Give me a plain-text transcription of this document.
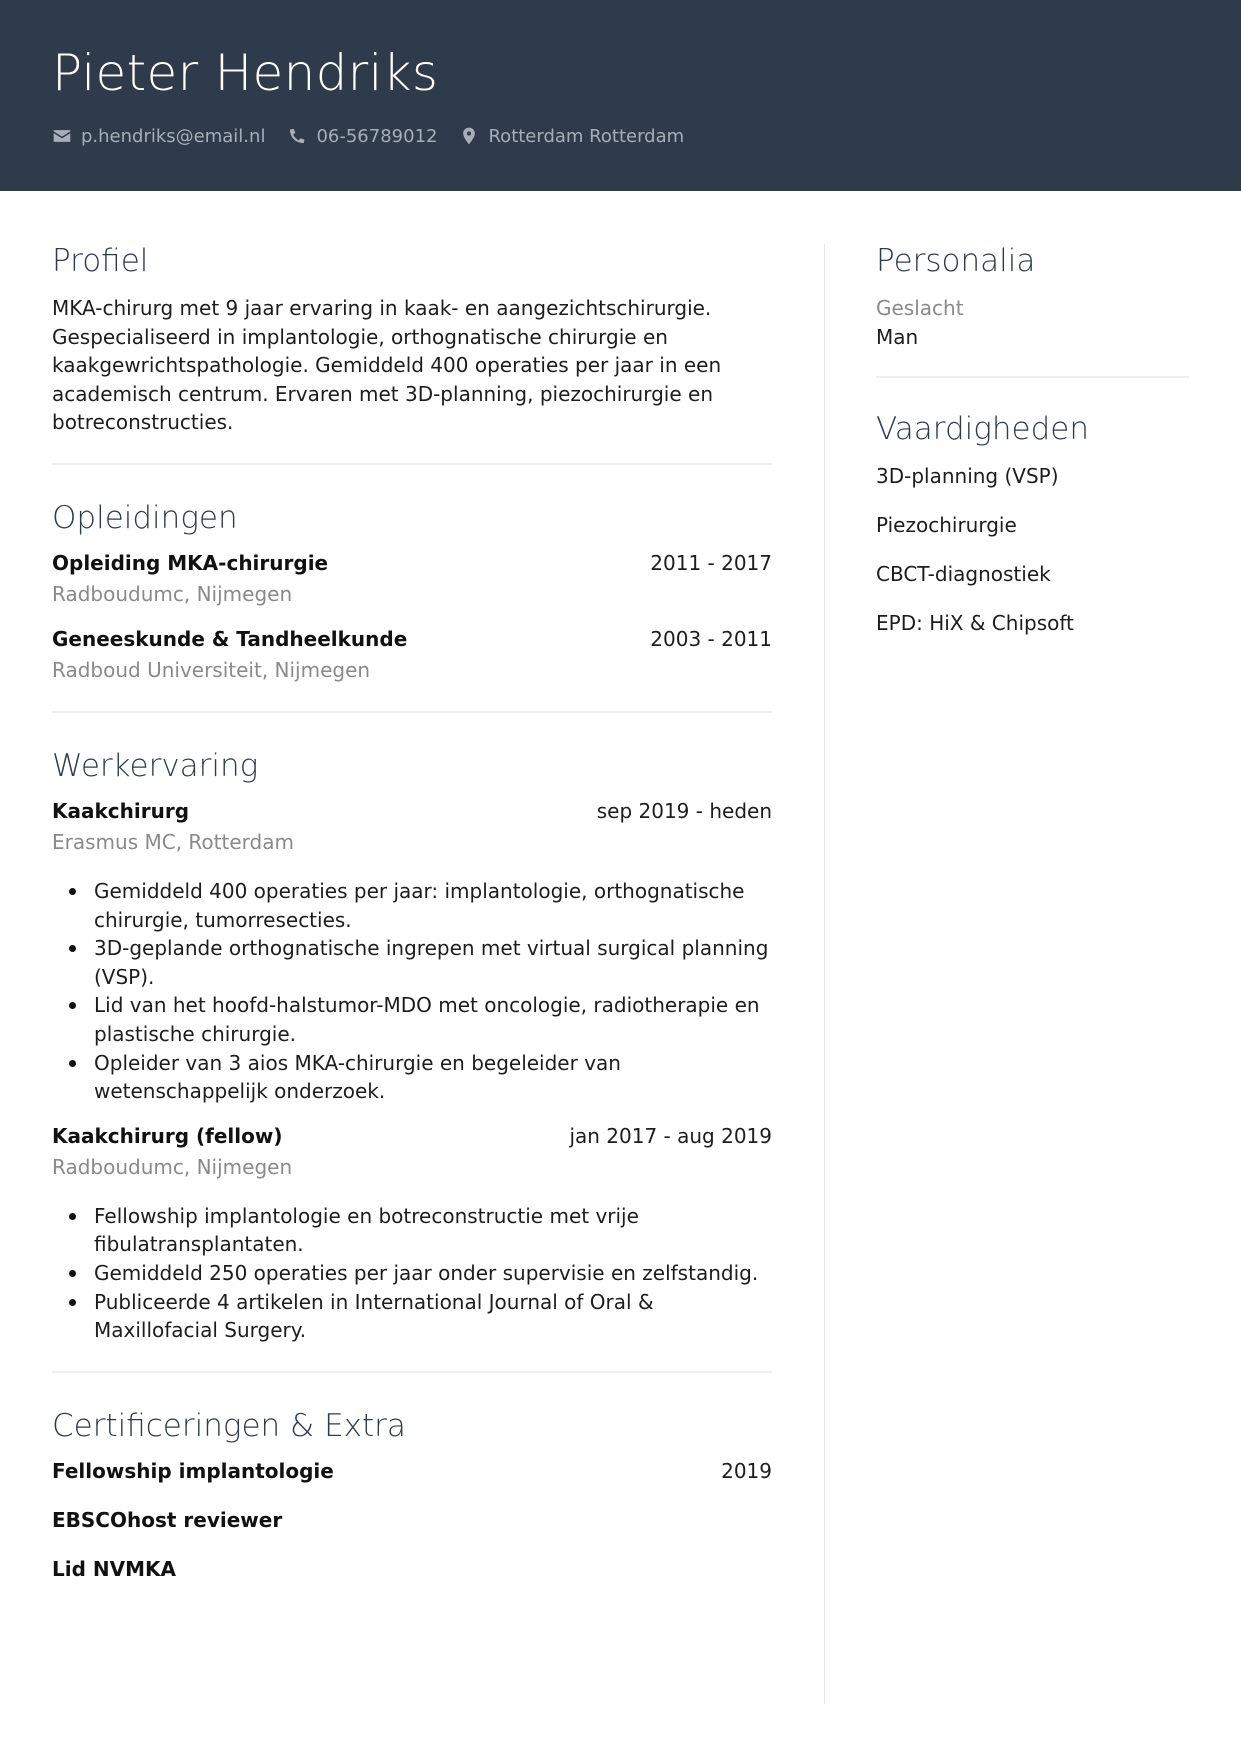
Pieter Hendriks
p.hendriks@email.nl	06-56789012	Rotterdam Rotterdam
Profiel
MKA-chirurg met 9 jaar ervaring in kaak- en aangezichtschirurgie. Gespecialiseerd in implantologie, orthognatische chirurgie en kaakgewrichtspathologie. Gemiddeld 400 operaties per jaar in een academisch centrum. Ervaren met 3D-planning, piezochirurgie en botreconstructies.
Opleidingen
Opleiding MKA-chirurgie	2011 - 2017
Radboudumc, Nijmegen
Geneeskunde & Tandheelkunde	2003 - 2011
Radboud Universiteit, Nijmegen
Werkervaring
Kaakchirurg	sep 2019 - heden
Erasmus MC, Rotterdam
Gemiddeld 400 operaties per jaar: implantologie, orthognatische chirurgie, tumorresecties.
3D-geplande orthognatische ingrepen met virtual surgical planning (VSP).
Lid van het hoofd-halstumor-MDO met oncologie, radiotherapie en plastische chirurgie.
Opleider van 3 aios MKA-chirurgie en begeleider van wetenschappelijk onderzoek.
Kaakchirurg (fellow)	jan 2017 - aug 2019
Radboudumc, Nijmegen
Fellowship implantologie en botreconstructie met vrije fibulatransplantaten.
Gemiddeld 250 operaties per jaar onder supervisie en zelfstandig.
Publiceerde 4 artikelen in International Journal of Oral & Maxillofacial Surgery.
Certificeringen & Extra
Fellowship implantologie	2019
EBSCOhost reviewer
Lid NVMKA
Personalia
Geslacht
Man
Vaardigheden
3D-planning (VSP)
Piezochirurgie
CBCT-diagnostiek
EPD: HiX & Chipsoft
